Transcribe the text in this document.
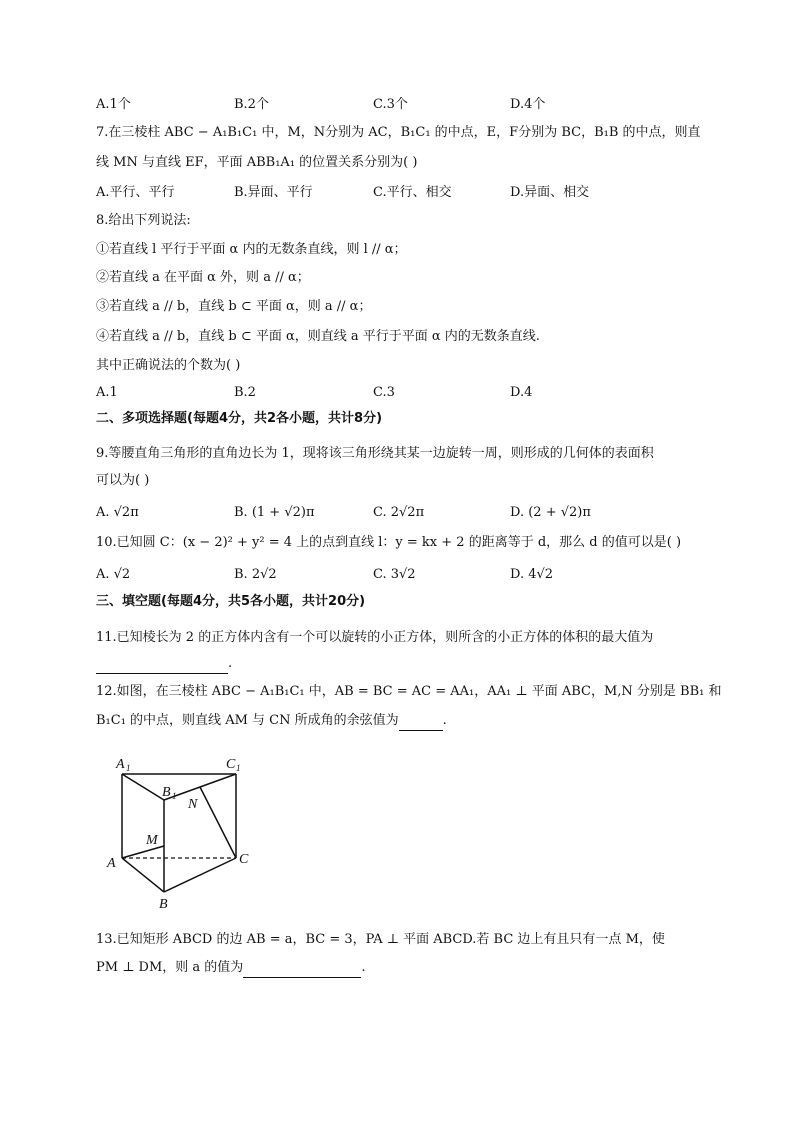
A.1个	B.2个	C.3个	D.4个
7.在三棱柱 ABC − A₁B₁C₁ 中，M，N分别为 AC，B₁C₁ 的中点，E，F分别为 BC，B₁B 的中点，则直
线 MN 与直线 EF，平面 ABB₁A₁ 的位置关系分别为( )
A.平行、平行	B.异面、平行	C.平行、相交	D.异面、相交
8.给出下列说法:
①若直线 l 平行于平面 α 内的无数条直线，则 l // α；
②若直线 a 在平面 α 外，则 a // α；
③若直线 a // b，直线 b ⊂ 平面 α，则 a // α；
④若直线 a // b，直线 b ⊂ 平面 α，则直线 a 平行于平面 α 内的无数条直线.
其中正确说法的个数为( )
A.1	B.2	C.3	D.4
二、多项选择题(每题4分，共2各小题，共计8分)
9.等腰直角三角形的直角边长为 1，现将该三角形绕其某一边旋转一周，则形成的几何体的表面积
可以为( )
A. √2π	B. (1 + √2)π	C. 2√2π	D. (2 + √2)π
10.已知圆 C：(x − 2)² + y² = 4 上的点到直线 l：y = kx + 2 的距离等于 d，那么 d 的值可以是( )
A. √2	B. 2√2	C. 3√2	D. 4√2
三、填空题(每题4分，共5各小题，共计20分)
11.已知棱长为 2 的正方体内含有一个可以旋转的小正方体，则所含的小正方体的体积的最大值为
.
12.如图，在三棱柱 ABC − A₁B₁C₁ 中，AB = BC = AC = AA₁，AA₁ ⊥ 平面 ABC，M,N 分别是 BB₁ 和
B₁C₁ 的中点，则直线 AM 与 CN 所成角的余弦值为	.
A 1	C 1
B 1
N
M
A	C
B
13.已知矩形 ABCD 的边 AB = a，BC = 3，PA ⊥ 平面 ABCD.若 BC 边上有且只有一点 M，使
PM ⊥ DM，则 a 的值为	.
